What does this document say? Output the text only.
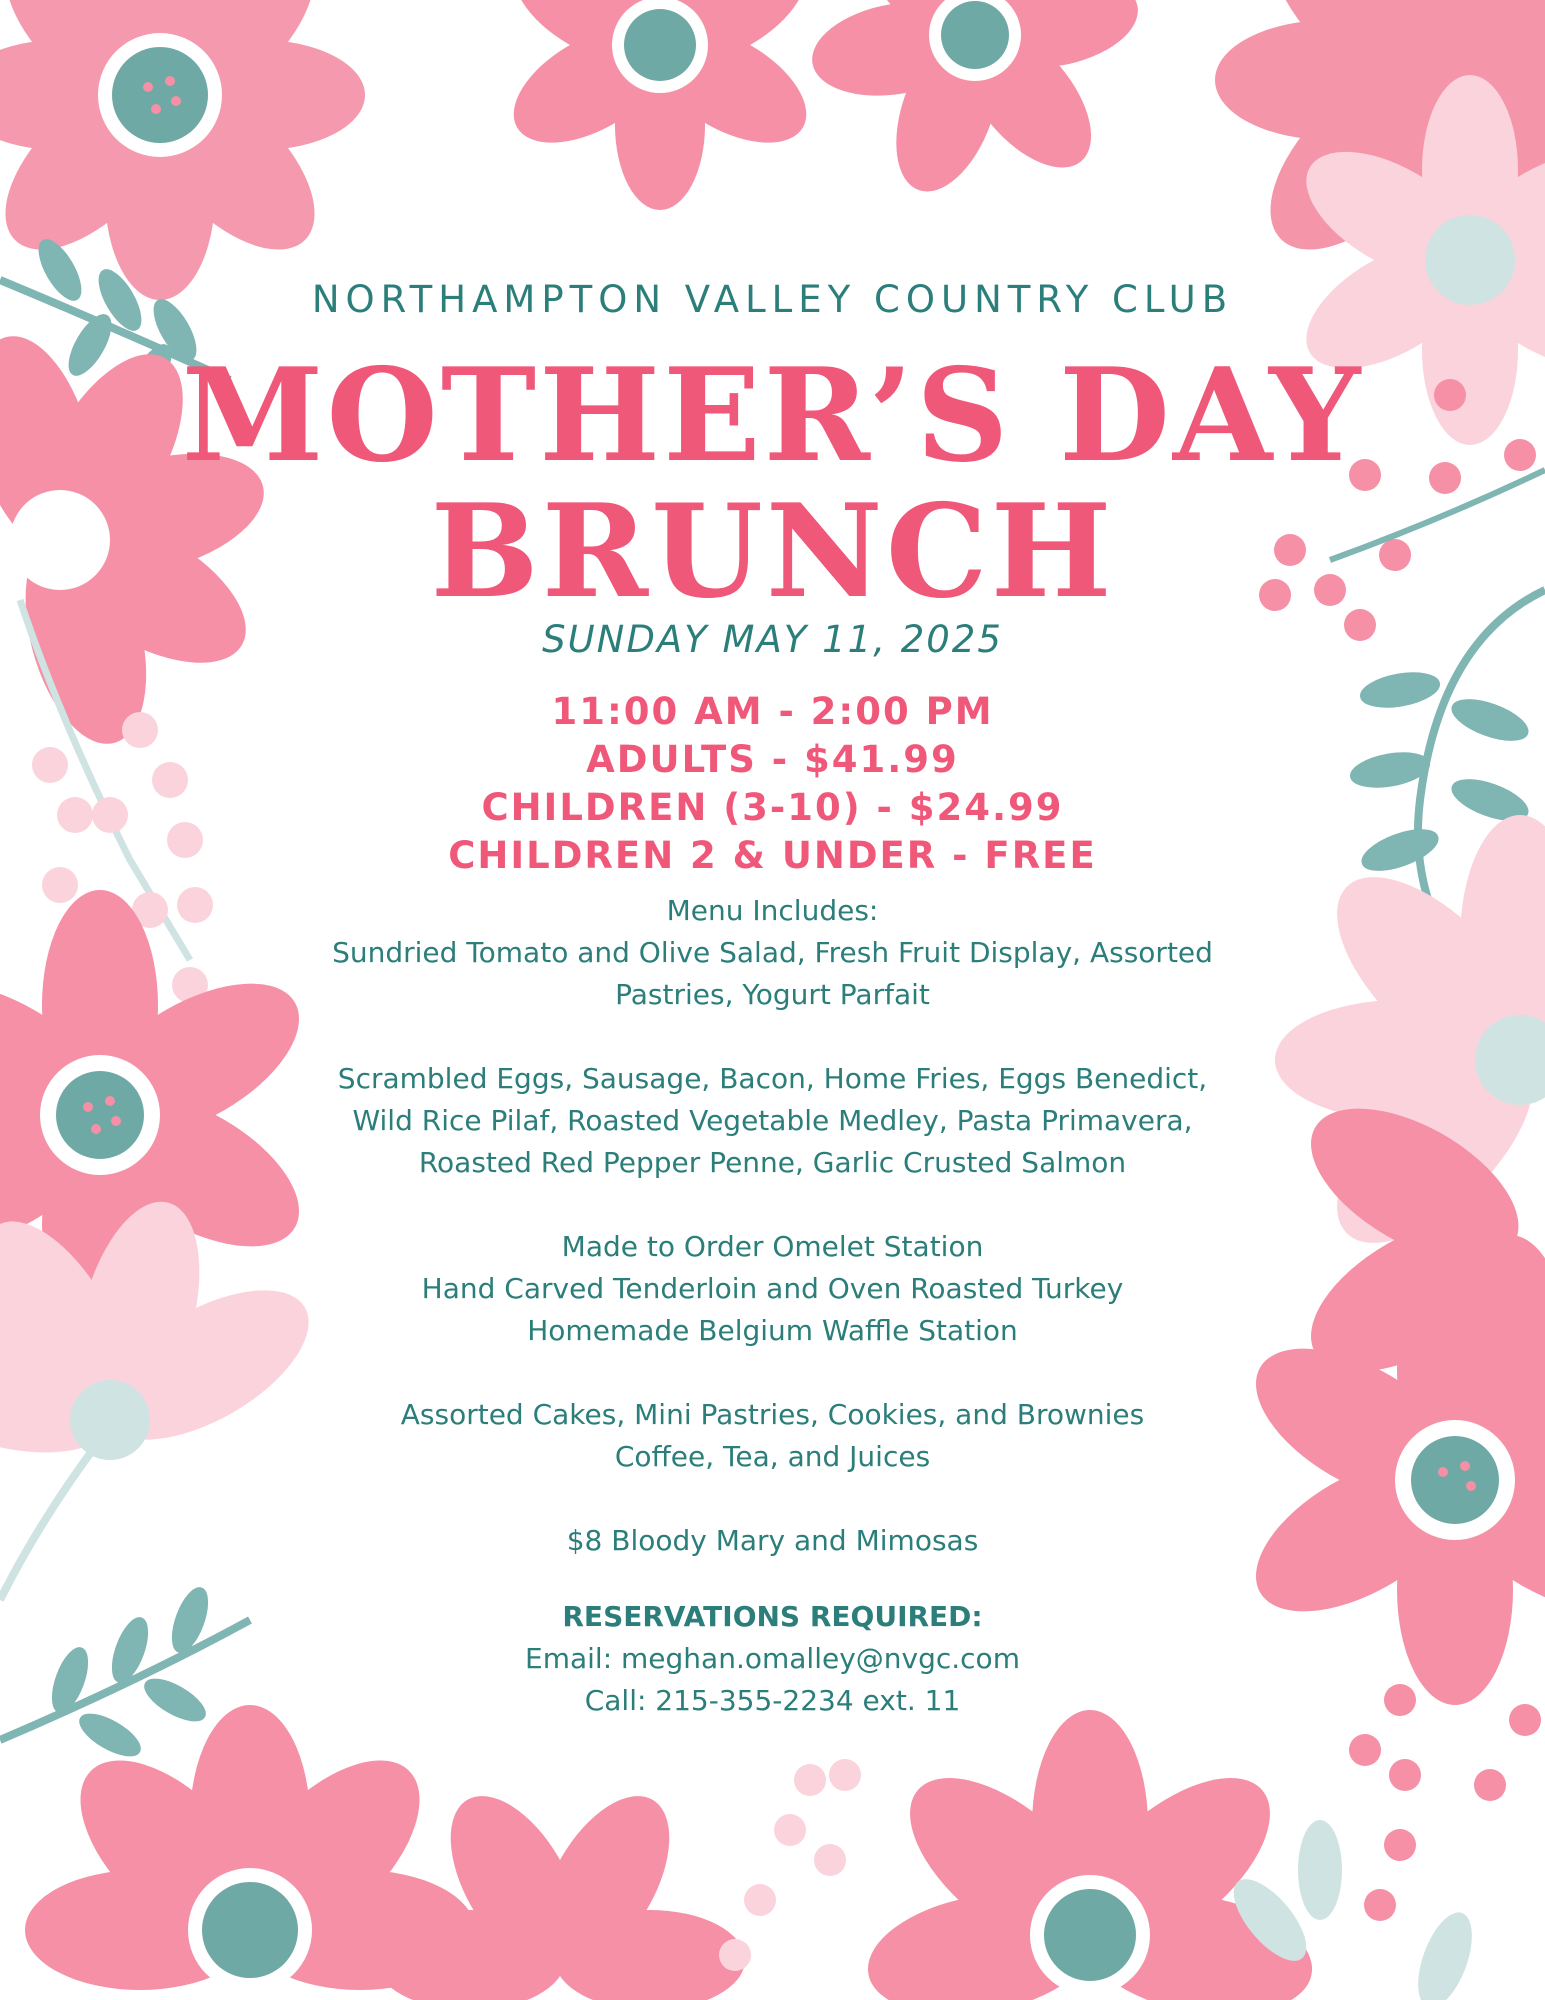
NORTHAMPTON VALLEY COUNTRY CLUB
MOTHER’S DAY
BRUNCH
SUNDAY MAY 11, 2025
11:00 AM - 2:00 PM
ADULTS - $41.99
CHILDREN (3-10) - $24.99
CHILDREN 2 & UNDER - FREE
Menu Includes:
Sundried Tomato and Olive Salad, Fresh Fruit Display, Assorted
Pastries, Yogurt Parfait
Scrambled Eggs, Sausage, Bacon, Home Fries, Eggs Benedict,
Wild Rice Pilaf, Roasted Vegetable Medley, Pasta Primavera,
Roasted Red Pepper Penne, Garlic Crusted Salmon
Made to Order Omelet Station
Hand Carved Tenderloin and Oven Roasted Turkey
Homemade Belgium Waffle Station
Assorted Cakes, Mini Pastries, Cookies, and Brownies
Coffee, Tea, and Juices
$8 Bloody Mary and Mimosas
RESERVATIONS REQUIRED:
Email: meghan.omalley@nvgc.com
Call: 215-355-2234 ext. 11
